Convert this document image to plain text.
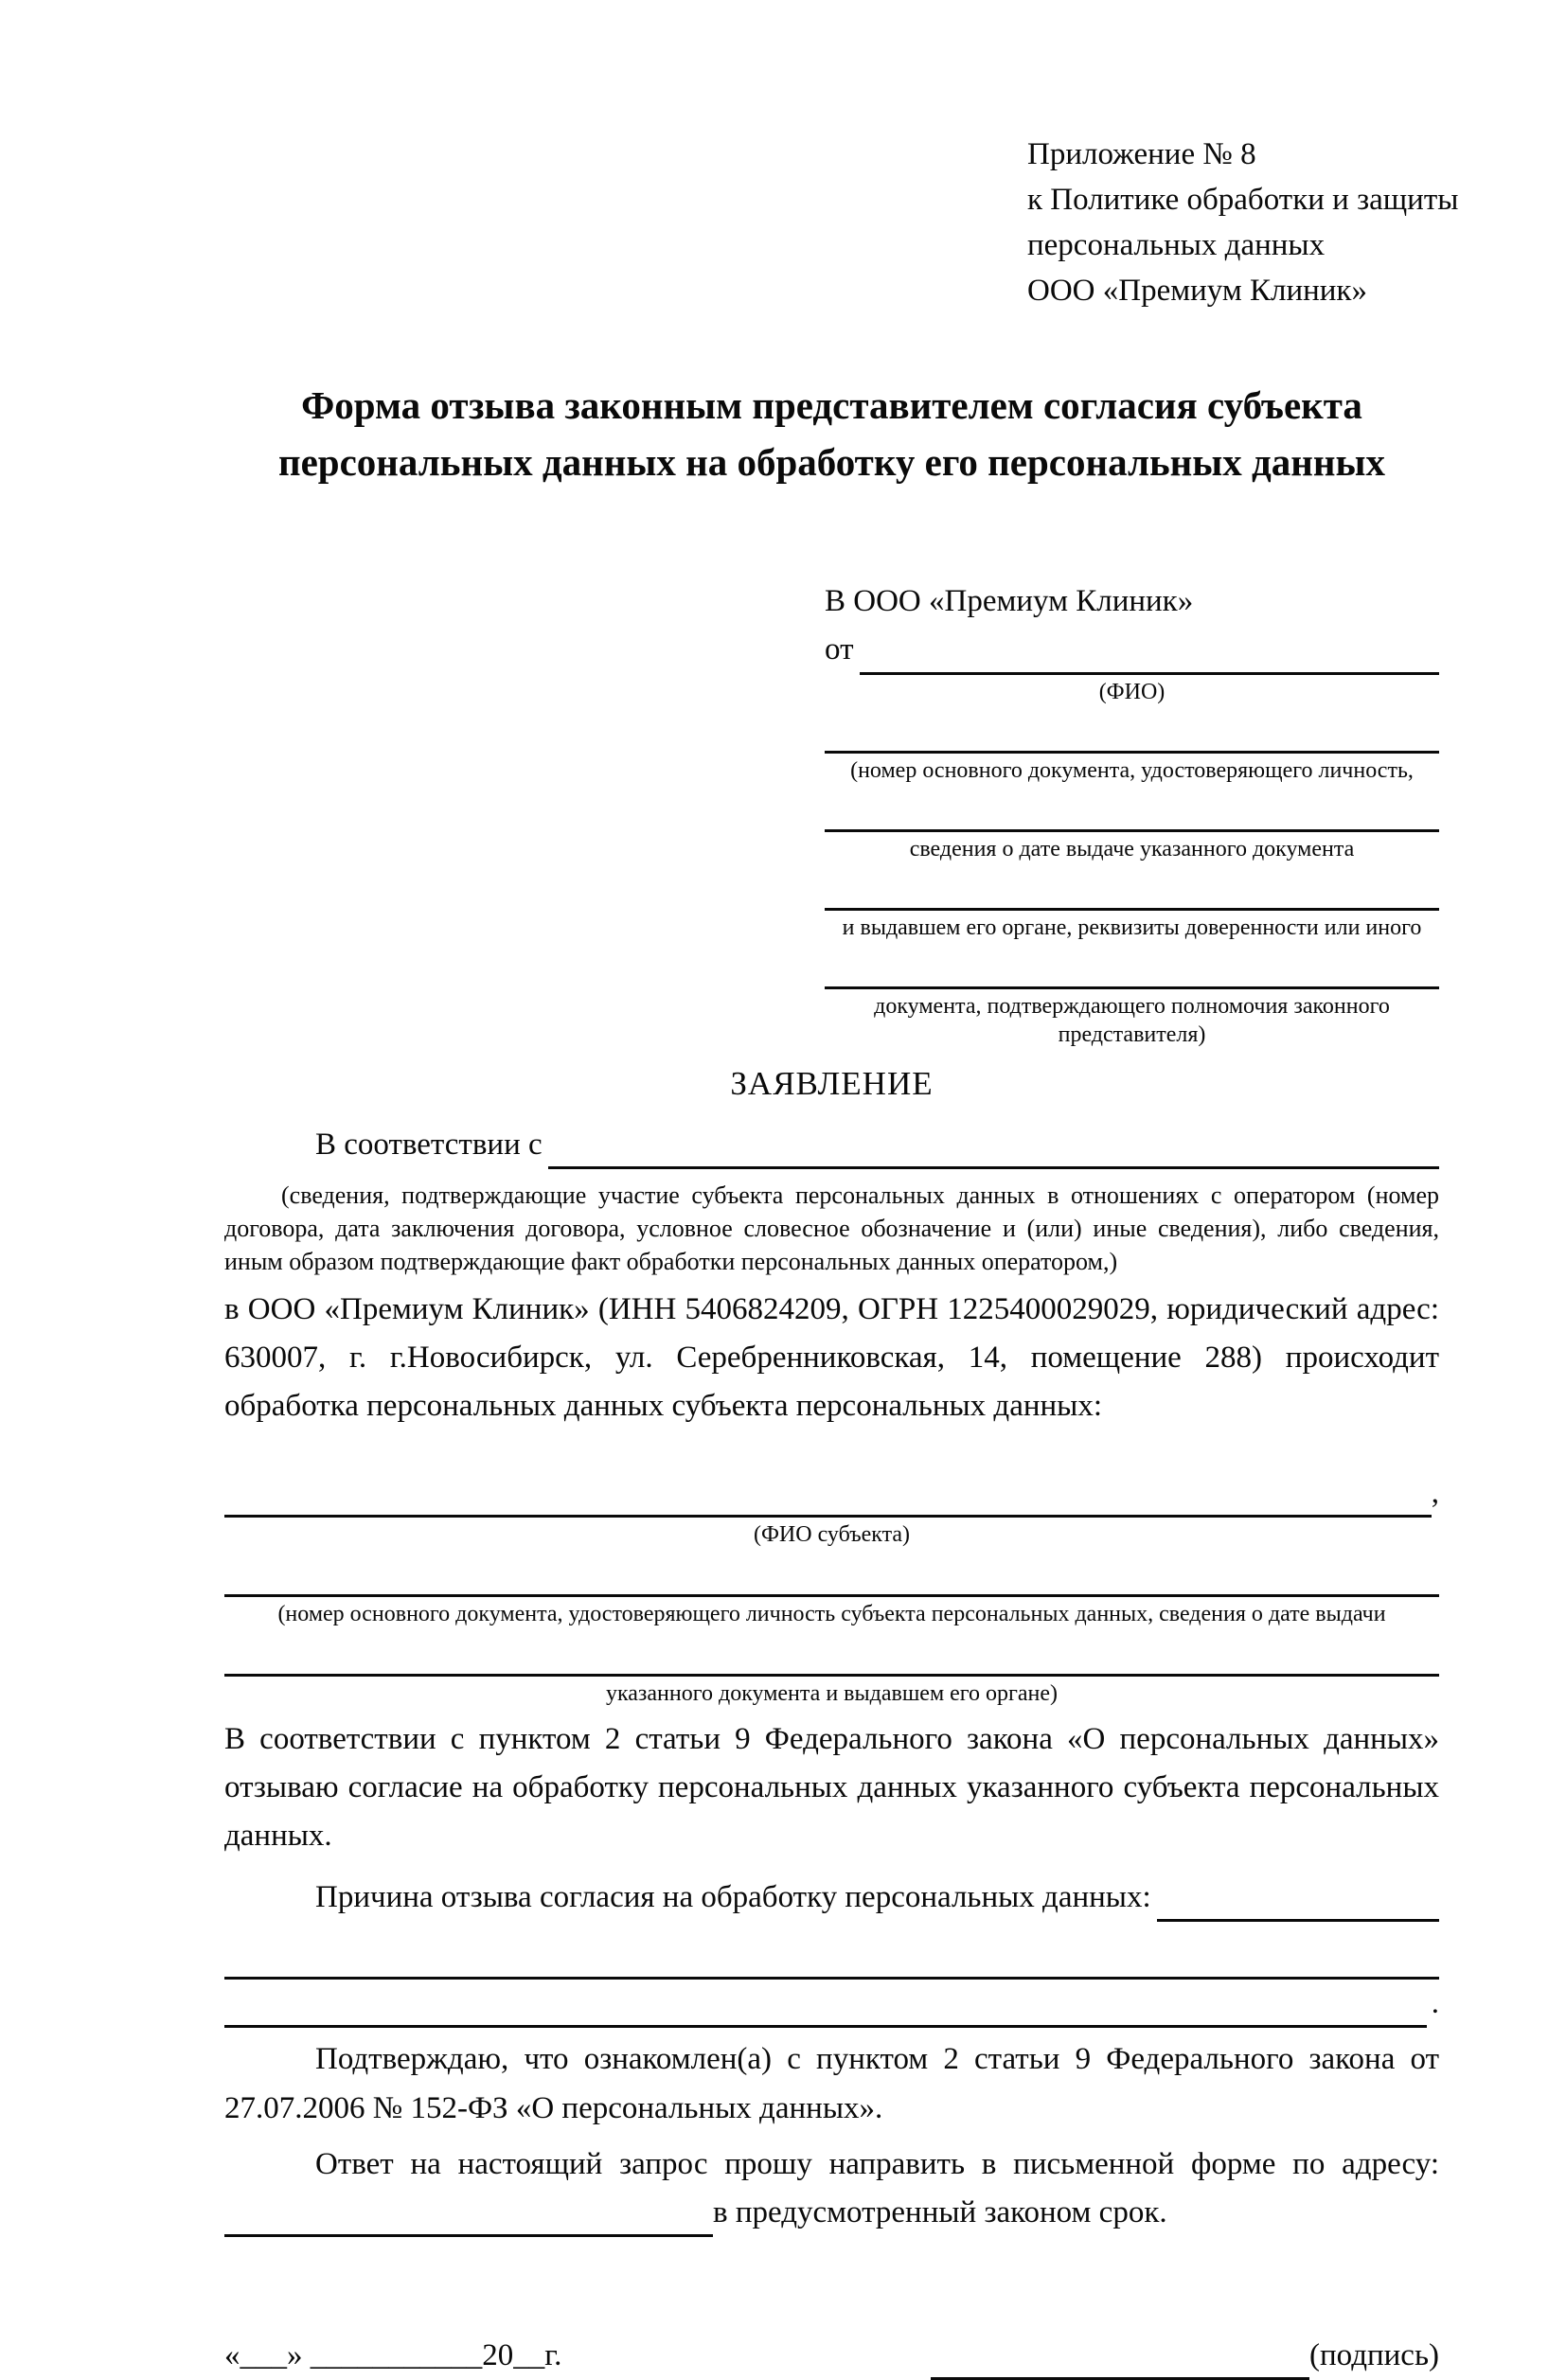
Приложение № 8
к Политике обработки и защиты
персональных данных
ООО «Премиум Клиник»
Форма отзыва законным представителем согласия субъекта
персональных данных на обработку его персональных данных
В ООО «Премиум Клиник»
от
(ФИО)
(номер основного документа, удостоверяющего личность,
сведения о дате выдаче указанного документа
и выдавшем его органе, реквизиты доверенности или иного
документа, подтверждающего полномочия законного представителя)
ЗАЯВЛЕНИЕ
В соответствии с
(сведения, подтверждающие участие субъекта персональных данных в отношениях с оператором (номер договора, дата заключения договора, условное словесное обозначение и (или) иные сведения), либо сведения, иным образом подтверждающие факт обработки персональных данных оператором,)
в ООО «Премиум Клиник» (ИНН 5406824209, ОГРН 1225400029029, юридический адрес: 630007, г. г.Новосибирск, ул. Серебренниковская, 14, помещение 288) происходит обработка персональных данных субъекта персональных данных:
,
(ФИО субъекта)
(номер основного документа, удостоверяющего личность субъекта персональных данных, сведения о дате выдачи
указанного документа и выдавшем его органе)
В соответствии с пунктом 2 статьи 9 Федерального закона «О персональных данных» отзываю согласие на обработку персональных данных указанного субъекта персональных данных.
Причина отзыва согласия на обработку персональных данных:
.
Подтверждаю, что ознакомлен(а) с пунктом 2 статьи 9 Федерального закона от 27.07.2006 № 152-ФЗ «О персональных данных».
Ответ на настоящий запрос прошу направить в письменной форме по адресу:
в предусмотренный законом срок.
«___» ___________20__г.	(подпись)
